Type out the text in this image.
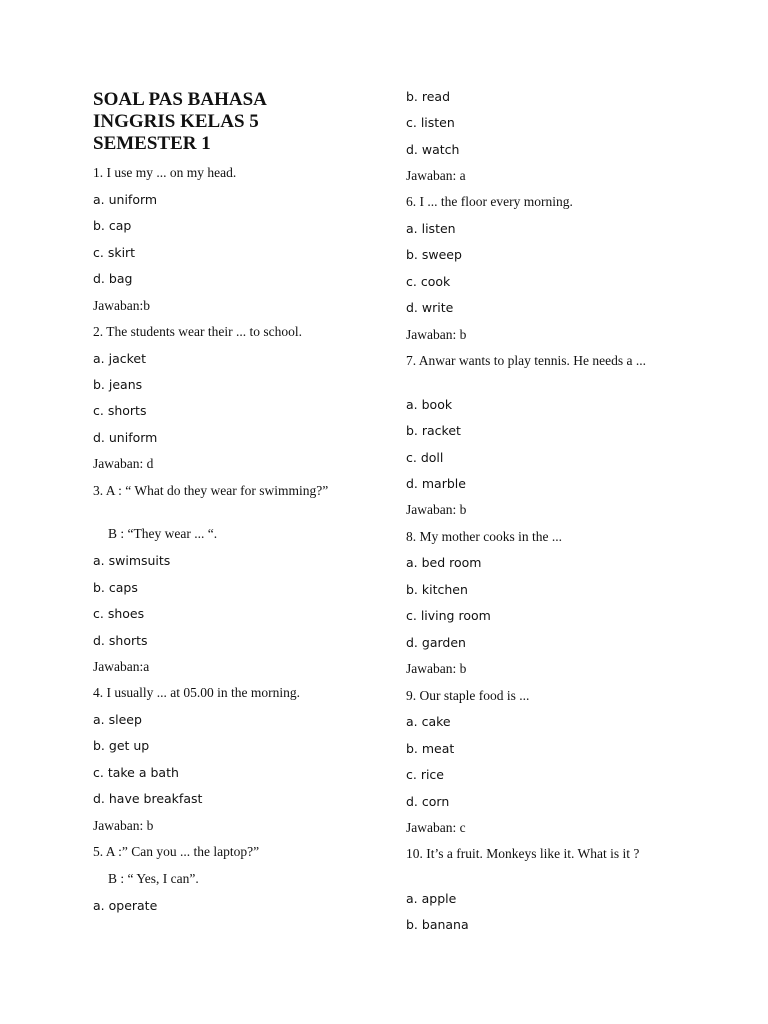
SOAL PAS BAHASA INGGRIS KELAS 5 SEMESTER 1
1. I use my ... on my head.
a. uniform
b. cap
c. skirt
d. bag
Jawaban:b
2. The students wear their ... to school.
a. jacket
b. jeans
c. shorts
d. uniform
Jawaban: d
3. A : “ What do they wear for swimming?”
B : “They wear ... “.
a. swimsuits
b. caps
c. shoes
d. shorts
Jawaban:a
4. I usually ... at 05.00 in the morning.
a. sleep
b. get up
c. take a bath
d. have breakfast
Jawaban: b
5. A :” Can you ... the laptop?”
B : “ Yes, I can”.
a. operate
b. read
c. listen
d. watch
Jawaban: a
6. I ... the floor every morning.
a. listen
b. sweep
c. cook
d. write
Jawaban: b
7. Anwar wants to play tennis. He needs a ...
a. book
b. racket
c. doll
d. marble
Jawaban: b
8. My mother cooks in the ...
a. bed room
b. kitchen
c. living room
d. garden
Jawaban: b
9. Our staple food is ...
a. cake
b. meat
c. rice
d. corn
Jawaban: c
10. It’s a fruit. Monkeys like it. What is it ?
a. apple
b. banana
